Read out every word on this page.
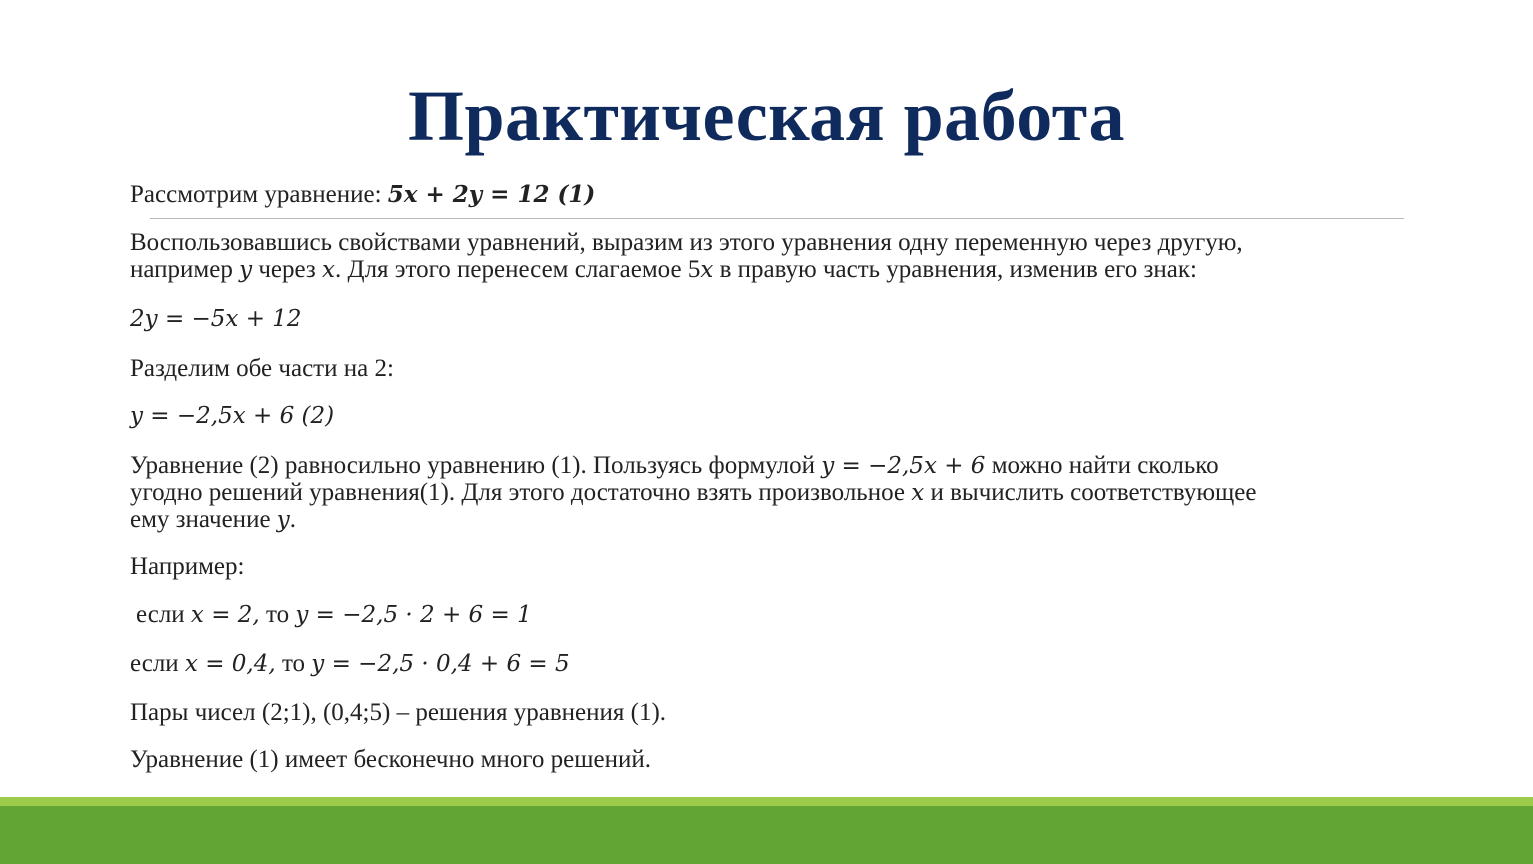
Практическая работа
Рассмотрим уравнение: 5x + 2y = 12 (1)
Воспользовавшись свойствами уравнений, выразим из этого уравнения одну переменную через другую,
например y через x. Для этого перенесем слагаемое 5x в правую часть уравнения, изменив его знак:
2y = −5x + 12
Разделим обе части на 2:
y = −2,5x + 6 (2)
Уравнение (2) равносильно уравнению (1). Пользуясь формулой y = −2,5x + 6 можно найти сколько
угодно решений уравнения(1). Для этого достаточно взять произвольное x и вычислить соответствующее
ему значение y.
Например:
если x = 2, то y = −2,5 · 2 + 6 = 1
если x = 0,4, то y = −2,5 · 0,4 + 6 = 5
Пары чисел (2;1), (0,4;5) – решения уравнения (1).
Уравнение (1) имеет бесконечно много решений.
